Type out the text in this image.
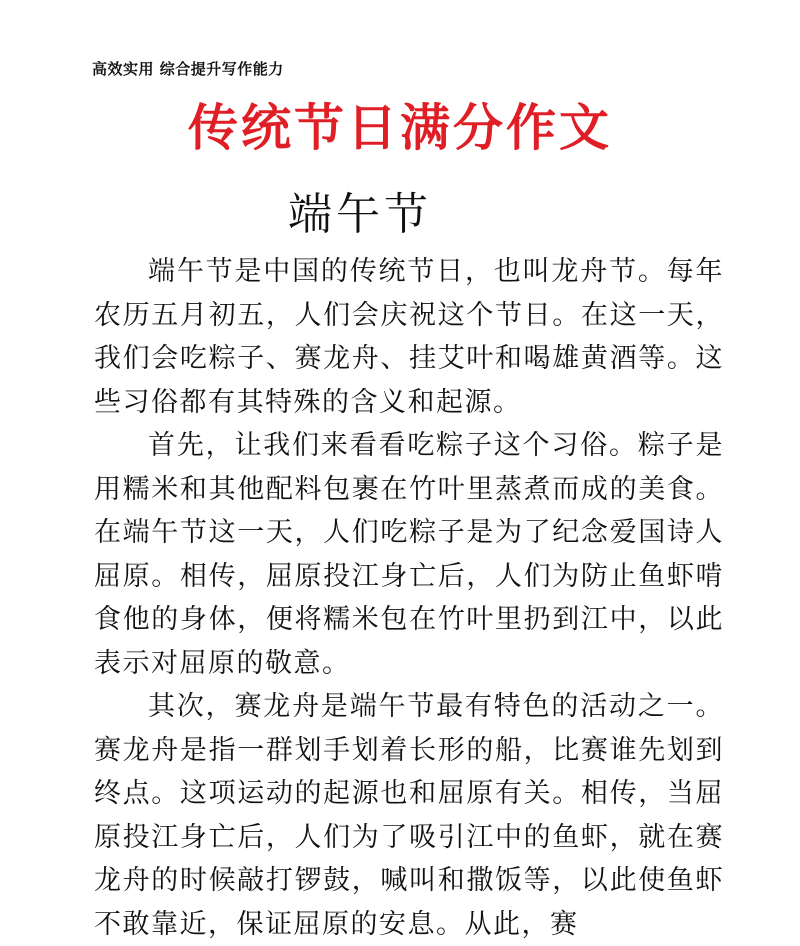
高效实用 综合提升写作能力
传统节日满分作文
端午节

端午节是中国的传统节日，也叫龙舟节。每年农历五月初五，人们会庆祝这个节日。在这一天，我们会吃粽子、赛龙舟、挂艾叶和喝雄黄酒等。这些习俗都有其特殊的含义和起源。

首先，让我们来看看吃粽子这个习俗。粽子是用糯米和其他配料包裹在竹叶里蒸煮而成的美食。在端午节这一天，人们吃粽子是为了纪念爱国诗人屈原。相传，屈原投江身亡后，人们为防止鱼虾啃食他的身体，便将糯米包在竹叶里扔到江中，以此表示对屈原的敬意。

其次，赛龙舟是端午节最有特色的活动之一。赛龙舟是指一群划手划着长形的船，比赛谁先划到终点。这项运动的起源也和屈原有关。相传，当屈原投江身亡后，人们为了吸引江中的鱼虾，就在赛龙舟的时候敲打锣鼓，喊叫和撒饭等，以此使鱼虾不敢靠近，保证屈原的安息。从此，赛
